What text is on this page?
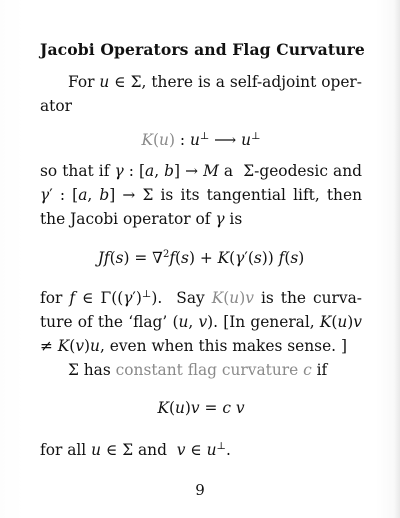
Jacobi Operators and Flag Curvature

For u ∈ Σ, there is a self-adjoint oper-ator

K(u) : u⊥ ⟶ u⊥

so that if γ : [a, b] → M a  Σ-geodesic and γ′ : [a, b] → Σ is its tangential lift, then the Jacobi operator of γ is

Jf(s) = ∇$^2$f(s) + K(γ′(s)) f(s)

for f ∈ Γ((γ′)⊥).  Say K(u)v is the curva-ture of the ‘flag’ (u, v). [In general, K(u)v ≠ K(v)u, even when this makes sense. ]

Σ has constant flag curvature c if

K(u)v = c v

for all u ∈ Σ and  v ∈ u⊥.

9
